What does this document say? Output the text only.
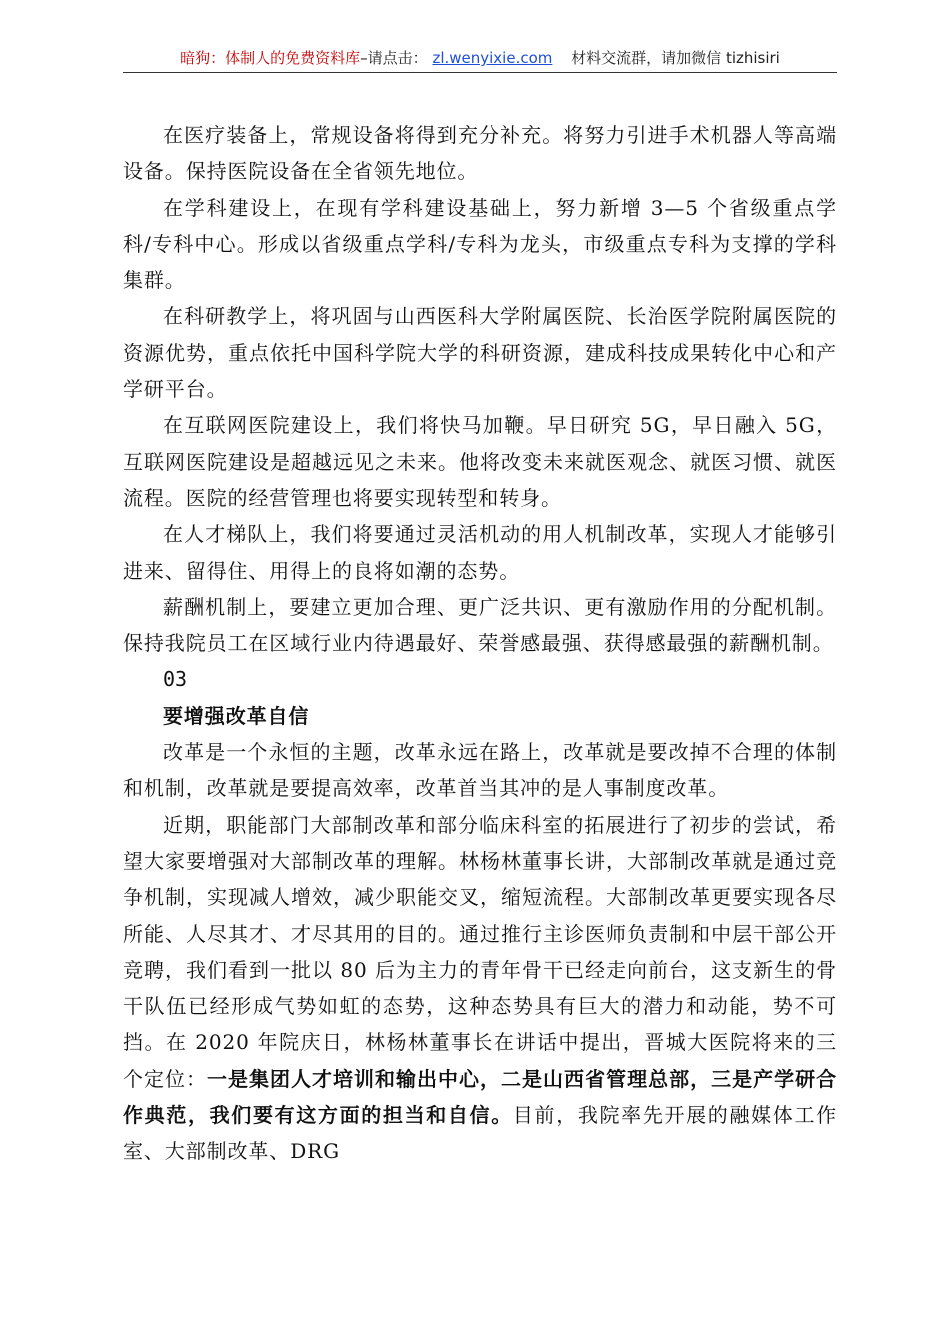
暗狗：体制人的免费资料库–请点击： zl.wenyixie.com 材料交流群，请加微信 tizhisiri

在医疗装备上，常规设备将得到充分补充。将努力引进手术机器人等高端设备。保持医院设备在全省领先地位。

在学科建设上，在现有学科建设基础上，努力新增 3—5 个省级重点学科/专科中心。形成以省级重点学科/专科为龙头，市级重点专科为支撑的学科集群。

在科研教学上，将巩固与山西医科大学附属医院、长治医学院附属医院的资源优势，重点依托中国科学院大学的科研资源，建成科技成果转化中心和产学研平台。

在互联网医院建设上，我们将快马加鞭。早日研究 5G，早日融入 5G，互联网医院建设是超越远见之未来。他将改变未来就医观念、就医习惯、就医流程。医院的经营管理也将要实现转型和转身。

在人才梯队上，我们将要通过灵活机动的用人机制改革，实现人才能够引进来、留得住、用得上的良将如潮的态势。

薪酬机制上，要建立更加合理、更广泛共识、更有激励作用的分配机制。保持我院员工在区域行业内待遇最好、荣誉感最强、获得感最强的薪酬机制。

03

要增强改革自信

改革是一个永恒的主题，改革永远在路上，改革就是要改掉不合理的体制和机制，改革就是要提高效率，改革首当其冲的是人事制度改革。

近期，职能部门大部制改革和部分临床科室的拓展进行了初步的尝试，希望大家要增强对大部制改革的理解。林杨林董事长讲，大部制改革就是通过竞争机制，实现减人增效，减少职能交叉，缩短流程。大部制改革更要实现各尽所能、人尽其才、才尽其用的目的。通过推行主诊医师负责制和中层干部公开竞聘，我们看到一批以 80 后为主力的青年骨干已经走向前台，这支新生的骨干队伍已经形成气势如虹的态势，这种态势具有巨大的潜力和动能，势不可挡。在 2020 年院庆日，林杨林董事长在讲话中提出，晋城大医院将来的三个定位：一是集团人才培训和输出中心，二是山西省管理总部，三是产学研合作典范，我们要有这方面的担当和自信。目前，我院率先开展的融媒体工作室、大部制改革、DRG
